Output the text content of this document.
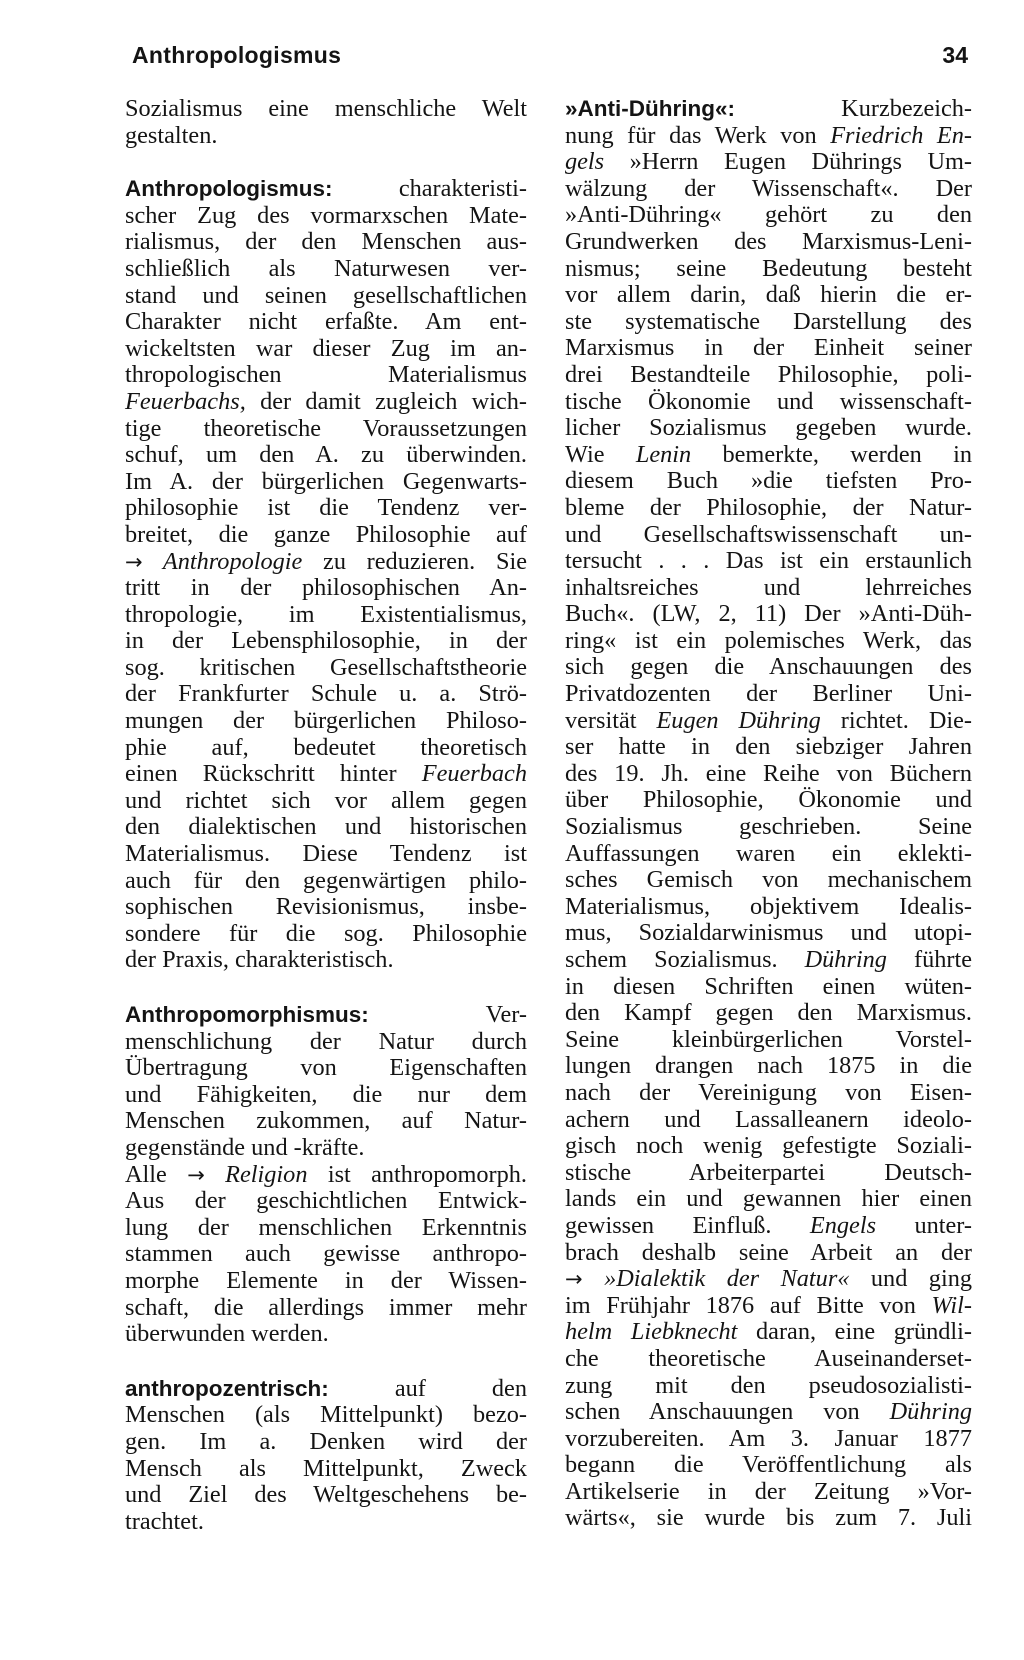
Anthropologismus	34
Sozialismus eine menschliche Welt
gestalten.
Anthropologismus: charakteristi-
scher Zug des vormarxschen Mate-
rialismus, der den Menschen aus-
schließlich als Naturwesen ver-
stand und seinen gesellschaftlichen
Charakter nicht erfaßte. Am ent-
wickeltsten war dieser Zug im an-
thropologischen Materialismus
Feuerbachs, der damit zugleich wich-
tige theoretische Voraussetzungen
schuf, um den A. zu überwinden.
Im A. der bürgerlichen Gegenwarts-
philosophie ist die Tendenz ver-
breitet, die ganze Philosophie auf
→ Anthropologie zu reduzieren. Sie
tritt in der philosophischen An-
thropologie, im Existentialismus,
in der Lebensphilosophie, in der
sog. kritischen Gesellschaftstheorie
der Frankfurter Schule u. a. Strö-
mungen der bürgerlichen Philoso-
phie auf, bedeutet theoretisch
einen Rückschritt hinter Feuerbach
und richtet sich vor allem gegen
den dialektischen und historischen
Materialismus. Diese Tendenz ist
auch für den gegenwärtigen philo-
sophischen Revisionismus, insbe-
sondere für die sog. Philosophie
der Praxis, charakteristisch.
Anthropomorphismus: Ver-
menschlichung der Natur durch
Übertragung von Eigenschaften
und Fähigkeiten, die nur dem
Menschen zukommen, auf Natur-
gegenstände und -kräfte.
Alle → Religion ist anthropomorph.
Aus der geschichtlichen Entwick-
lung der menschlichen Erkenntnis
stammen auch gewisse anthropo-
morphe Elemente in der Wissen-
schaft, die allerdings immer mehr
überwunden werden.
anthropozentrisch: auf den
Menschen (als Mittelpunkt) bezo-
gen. Im a. Denken wird der
Mensch als Mittelpunkt, Zweck
und Ziel des Weltgeschehens be-
trachtet.
»Anti-Dühring«: Kurzbezeich-
nung für das Werk von Friedrich En-
gels »Herrn Eugen Dührings Um-
wälzung der Wissenschaft«. Der
»Anti-Dühring« gehört zu den
Grundwerken des Marxismus-Leni-
nismus; seine Bedeutung besteht
vor allem darin, daß hierin die er-
ste systematische Darstellung des
Marxismus in der Einheit seiner
drei Bestandteile Philosophie, poli-
tische Ökonomie und wissenschaft-
licher Sozialismus gegeben wurde.
Wie Lenin bemerkte, werden in
diesem Buch »die tiefsten Pro-
bleme der Philosophie, der Natur-
und Gesellschaftswissenschaft un-
tersucht . . . Das ist ein erstaunlich
inhaltsreiches und lehrreiches
Buch«. (LW, 2, 11) Der »Anti-Düh-
ring« ist ein polemisches Werk, das
sich gegen die Anschauungen des
Privatdozenten der Berliner Uni-
versität Eugen Dühring richtet. Die-
ser hatte in den siebziger Jahren
des 19. Jh. eine Reihe von Büchern
über Philosophie, Ökonomie und
Sozialismus geschrieben. Seine
Auffassungen waren ein eklekti-
sches Gemisch von mechanischem
Materialismus, objektivem Idealis-
mus, Sozialdarwinismus und utopi-
schem Sozialismus. Dühring führte
in diesen Schriften einen wüten-
den Kampf gegen den Marxismus.
Seine kleinbürgerlichen Vorstel-
lungen drangen nach 1875 in die
nach der Vereinigung von Eisen-
achern und Lassalleanern ideolo-
gisch noch wenig gefestigte Soziali-
stische Arbeiterpartei Deutsch-
lands ein und gewannen hier einen
gewissen Einfluß. Engels unter-
brach deshalb seine Arbeit an der
→ »Dialektik der Natur« und ging
im Frühjahr 1876 auf Bitte von Wil-
helm Liebknecht daran, eine gründli-
che theoretische Auseinanderset-
zung mit den pseudosozialisti-
schen Anschauungen von Dühring
vorzubereiten. Am 3. Januar 1877
begann die Veröffentlichung als
Artikelserie in der Zeitung »Vor-
wärts«, sie wurde bis zum 7. Juli
